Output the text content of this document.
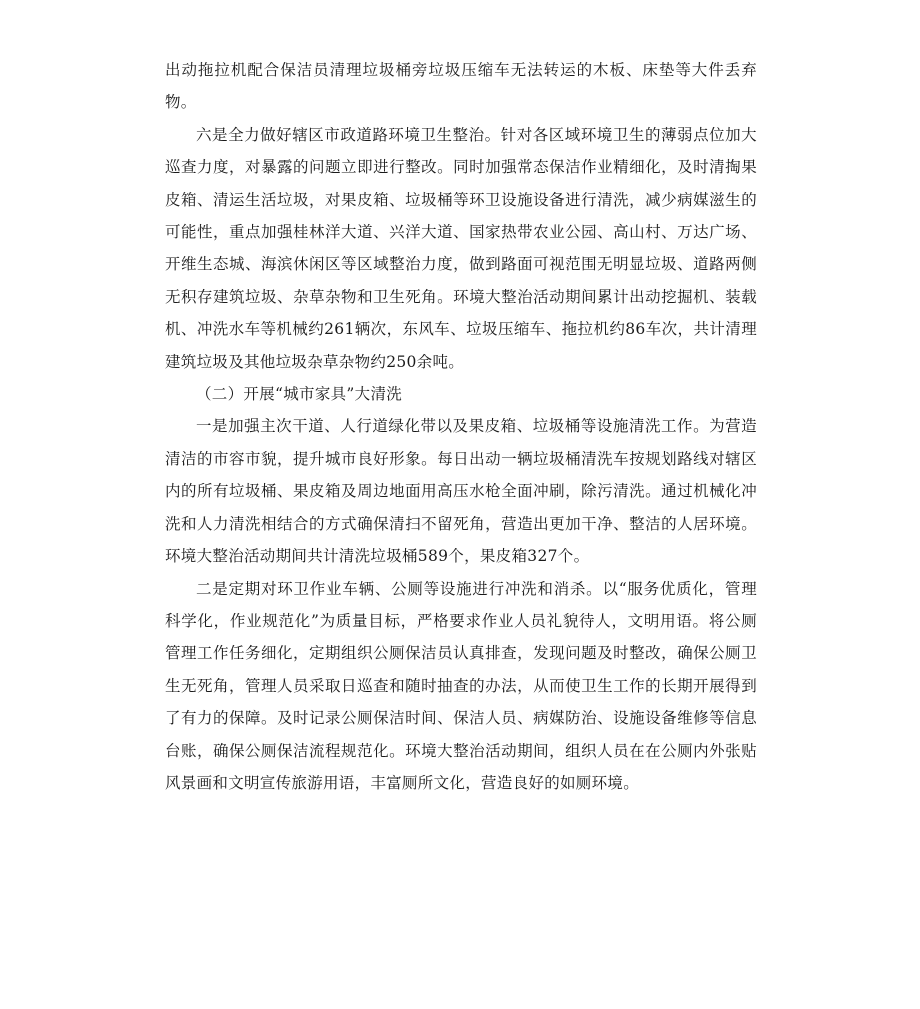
出动拖拉机配合保洁员清理垃圾桶旁垃圾压缩车无法转运的木板、床垫等大件丢弃物。

六是全力做好辖区市政道路环境卫生整治。针对各区域环境卫生的薄弱点位加大巡查力度，对暴露的问题立即进行整改。同时加强常态保洁作业精细化，及时清掏果皮箱、清运生活垃圾，对果皮箱、垃圾桶等环卫设施设备进行清洗，减少病媒滋生的可能性，重点加强桂林洋大道、兴洋大道、国家热带农业公园、高山村、万达广场、开维生态城、海滨休闲区等区域整治力度，做到路面可视范围无明显垃圾、道路两侧无积存建筑垃圾、杂草杂物和卫生死角。环境大整治活动期间累计出动挖掘机、装载机、冲洗水车等机械约261辆次，东风车、垃圾压缩车、拖拉机约86车次，共计清理建筑垃圾及其他垃圾杂草杂物约250余吨。

（二）开展“城市家具”大清洗

一是加强主次干道、人行道绿化带以及果皮箱、垃圾桶等设施清洗工作。为营造清洁的市容市貌，提升城市良好形象。每日出动一辆垃圾桶清洗车按规划路线对辖区内的所有垃圾桶、果皮箱及周边地面用高压水枪全面冲刷，除污清洗。通过机械化冲洗和人力清洗相结合的方式确保清扫不留死角，营造出更加干净、整洁的人居环境。环境大整治活动期间共计清洗垃圾桶589个，果皮箱327个。

二是定期对环卫作业车辆、公厕等设施进行冲洗和消杀。以“服务优质化，管理科学化，作业规范化”为质量目标，严格要求作业人员礼貌待人，文明用语。将公厕管理工作任务细化，定期组织公厕保洁员认真排查，发现问题及时整改，确保公厕卫生无死角，管理人员采取日巡查和随时抽查的办法，从而使卫生工作的长期开展得到了有力的保障。及时记录公厕保洁时间、保洁人员、病媒防治、设施设备维修等信息台账，确保公厕保洁流程规范化。环境大整治活动期间，组织人员在在公厕内外张贴风景画和文明宣传旅游用语，丰富厕所文化，营造良好的如厕环境。
